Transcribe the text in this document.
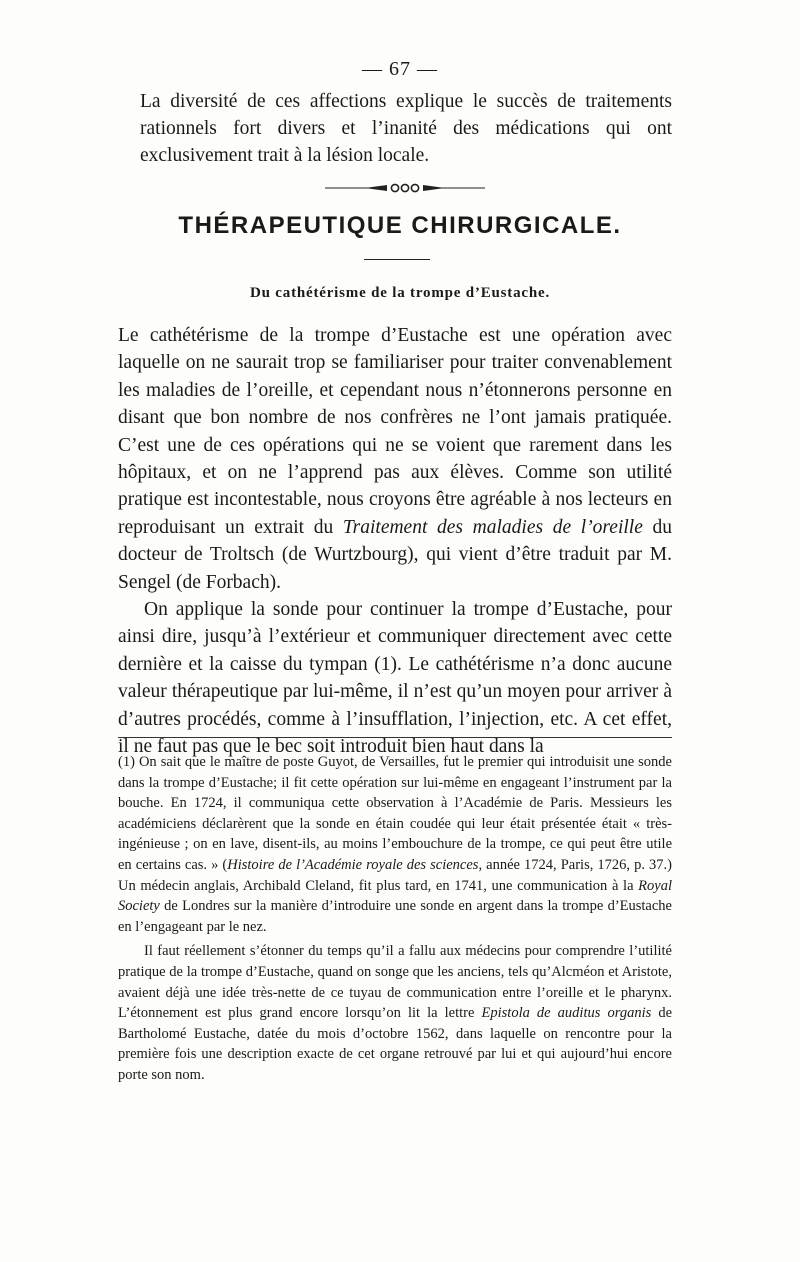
— 67 —

La diversité de ces affections explique le succès de traitements rationnels fort divers et l’inanité des médications qui ont exclusivement trait à la lésion locale.

THÉRAPEUTIQUE CHIRURGICALE.
Du cathétérisme de la trompe d’Eustache.

Le cathétérisme de la trompe d’Eustache est une opération avec laquelle on ne saurait trop se familiariser pour traiter convenablement les maladies de l’oreille, et cependant nous n’étonnerons personne en disant que bon nombre de nos confrères ne l’ont jamais pratiquée. C’est une de ces opérations qui ne se voient que rarement dans les hôpitaux, et on ne l’apprend pas aux élèves. Comme son utilité pratique est incontestable, nous croyons être agréable à nos lecteurs en reproduisant un extrait du Traitement des maladies de l’oreille du docteur de Troltsch (de Wurtzbourg), qui vient d’être traduit par M. Sengel (de Forbach).

On applique la sonde pour continuer la trompe d’Eustache, pour ainsi dire, jusqu’à l’extérieur et communiquer directement avec cette dernière et la caisse du tympan (1). Le cathétérisme n’a donc aucune valeur thérapeutique par lui-même, il n’est qu’un moyen pour arriver à d’autres procédés, comme à l’insufflation, l’injection, etc. A cet effet, il ne faut pas que le bec soit introduit bien haut dans la

(1) On sait que le maître de poste Guyot, de Versailles, fut le premier qui introduisit une sonde dans la trompe d’Eustache; il fit cette opération sur lui-même en engageant l’instrument par la bouche. En 1724, il communiqua cette observation à l’Académie de Paris. Messieurs les académiciens déclarèrent que la sonde en étain coudée qui leur était présentée était « très-ingénieuse ; on en lave, disent-ils, au moins l’embouchure de la trompe, ce qui peut être utile en certains cas. » (Histoire de l’Académie royale des sciences, année 1724, Paris, 1726, p. 37.) Un médecin anglais, Archibald Cleland, fit plus tard, en 1741, une communication à la Royal Society de Londres sur la manière d’introduire une sonde en argent dans la trompe d’Eustache en l’engageant par le nez.

Il faut réellement s’étonner du temps qu’il a fallu aux médecins pour comprendre l’utilité pratique de la trompe d’Eustache, quand on songe que les anciens, tels qu’Alcméon et Aristote, avaient déjà une idée très-nette de ce tuyau de communication entre l’oreille et le pharynx. L’étonnement est plus grand encore lorsqu’on lit la lettre Epistola de auditus organis de Bartholomé Eustache, datée du mois d’octobre 1562, dans laquelle on rencontre pour la première fois une description exacte de cet organe retrouvé par lui et qui aujourd’hui encore porte son nom.
